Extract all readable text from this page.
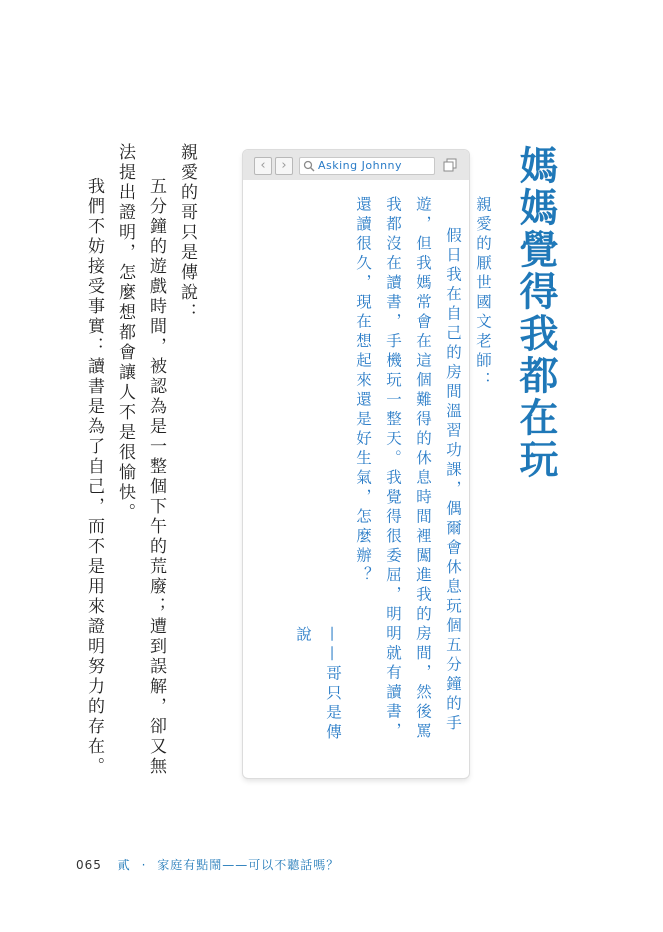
媽媽覺得我都在玩
‹	›	Asking Johnny

親愛的厭世國文老師：

假日我在自己的房間溫習功課，偶爾會休息玩個五分鐘的手遊，但我媽常會在這個難得的休息時間裡闖進我的房間，然後罵我都沒在讀書，手機玩一整天。我覺得很委屈，明明就有讀書，還讀很久，現在想起來還是好生氣，怎麼辦？

——哥只是傳說

親愛的哥只是傳說：

五分鐘的遊戲時間，被認為是一整個下午的荒廢；遭到誤解，卻又無法提出證明，怎麼想都會讓人不是很愉快。

我們不妨接受事實：讀書是為了自己，而不是用來證明努力的存在。

065 貳 · 家庭有點鬧——可以不聽話嗎？
